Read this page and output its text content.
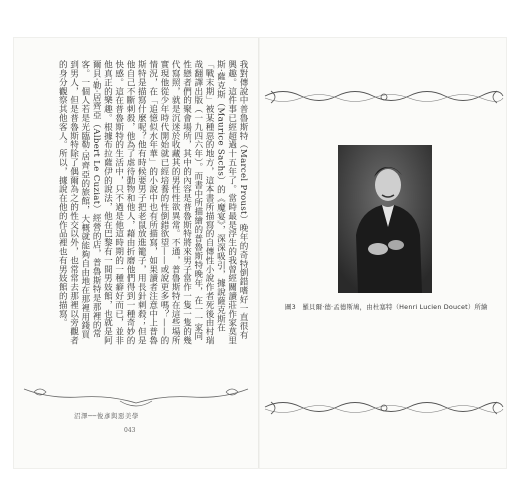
我對傳說中普魯斯特（Marcel Proust）晚年的奇特倒錯嗜好一直很有興趣。這件事已經超過十五年了。當時最是浮生的我曾經關讀莊作家莫里斯·薩克斯（Maurice Sachs）的《魔宴》，深深吸引，據說薩克斯在「戰末期」被某種惡的地方，這本書所描寫的自傳性小說作者死後由村瑞哉翻譯出版（一九四六年）。而書中所描繪的普魯斯特晚年，在一一家同性戀者們的聚會場所，其中的內容是普魯斯特將來男子當作一隻一隻的幾代寫照，就是沉迷於收藏其的男性性欲異常。不通，普魯斯特在這些場所實現他從少年時代開始就已經培養的性倒錯欲望——或說更多嗎？——的情況，在「追憶似水年華」的小說中也有所描寫，如果讀者注意中上普魯斯特是描寫什麼呢？他有時候要男子把老鼠放進籠子，用長針刺殺；但是他自己不斷刺殺，他為了虐待動物和他人，藉由折磨他們得到一種奇妙的快感。這在普魯斯特的生活中，只不過是他這時期的一種癖好而已，並非他真正的樂趣。根據布拉薩伊的說法，他在巴黎有一間男妓館，也就是阿爾貝·勒·居齊亞（Albert Le Cuziat）經營的店，普魯斯特是那裡的常客。一個人若是光臨勒·居齊亞的旅館，大概就能夠自由地在那裡用錢買到男人，但是普魯斯特除了偶爾為之的性交以外，也常常去那裡以旁觀者的身分觀察其他客人。所以，據說在他的作品裡也有男妓館的描寫。
沼澤──俊彥與惡美學
043
圖3　羅貝爾·德·孟德斯鳩，由杜塞特（Henri Lucien Doucet）所繪
